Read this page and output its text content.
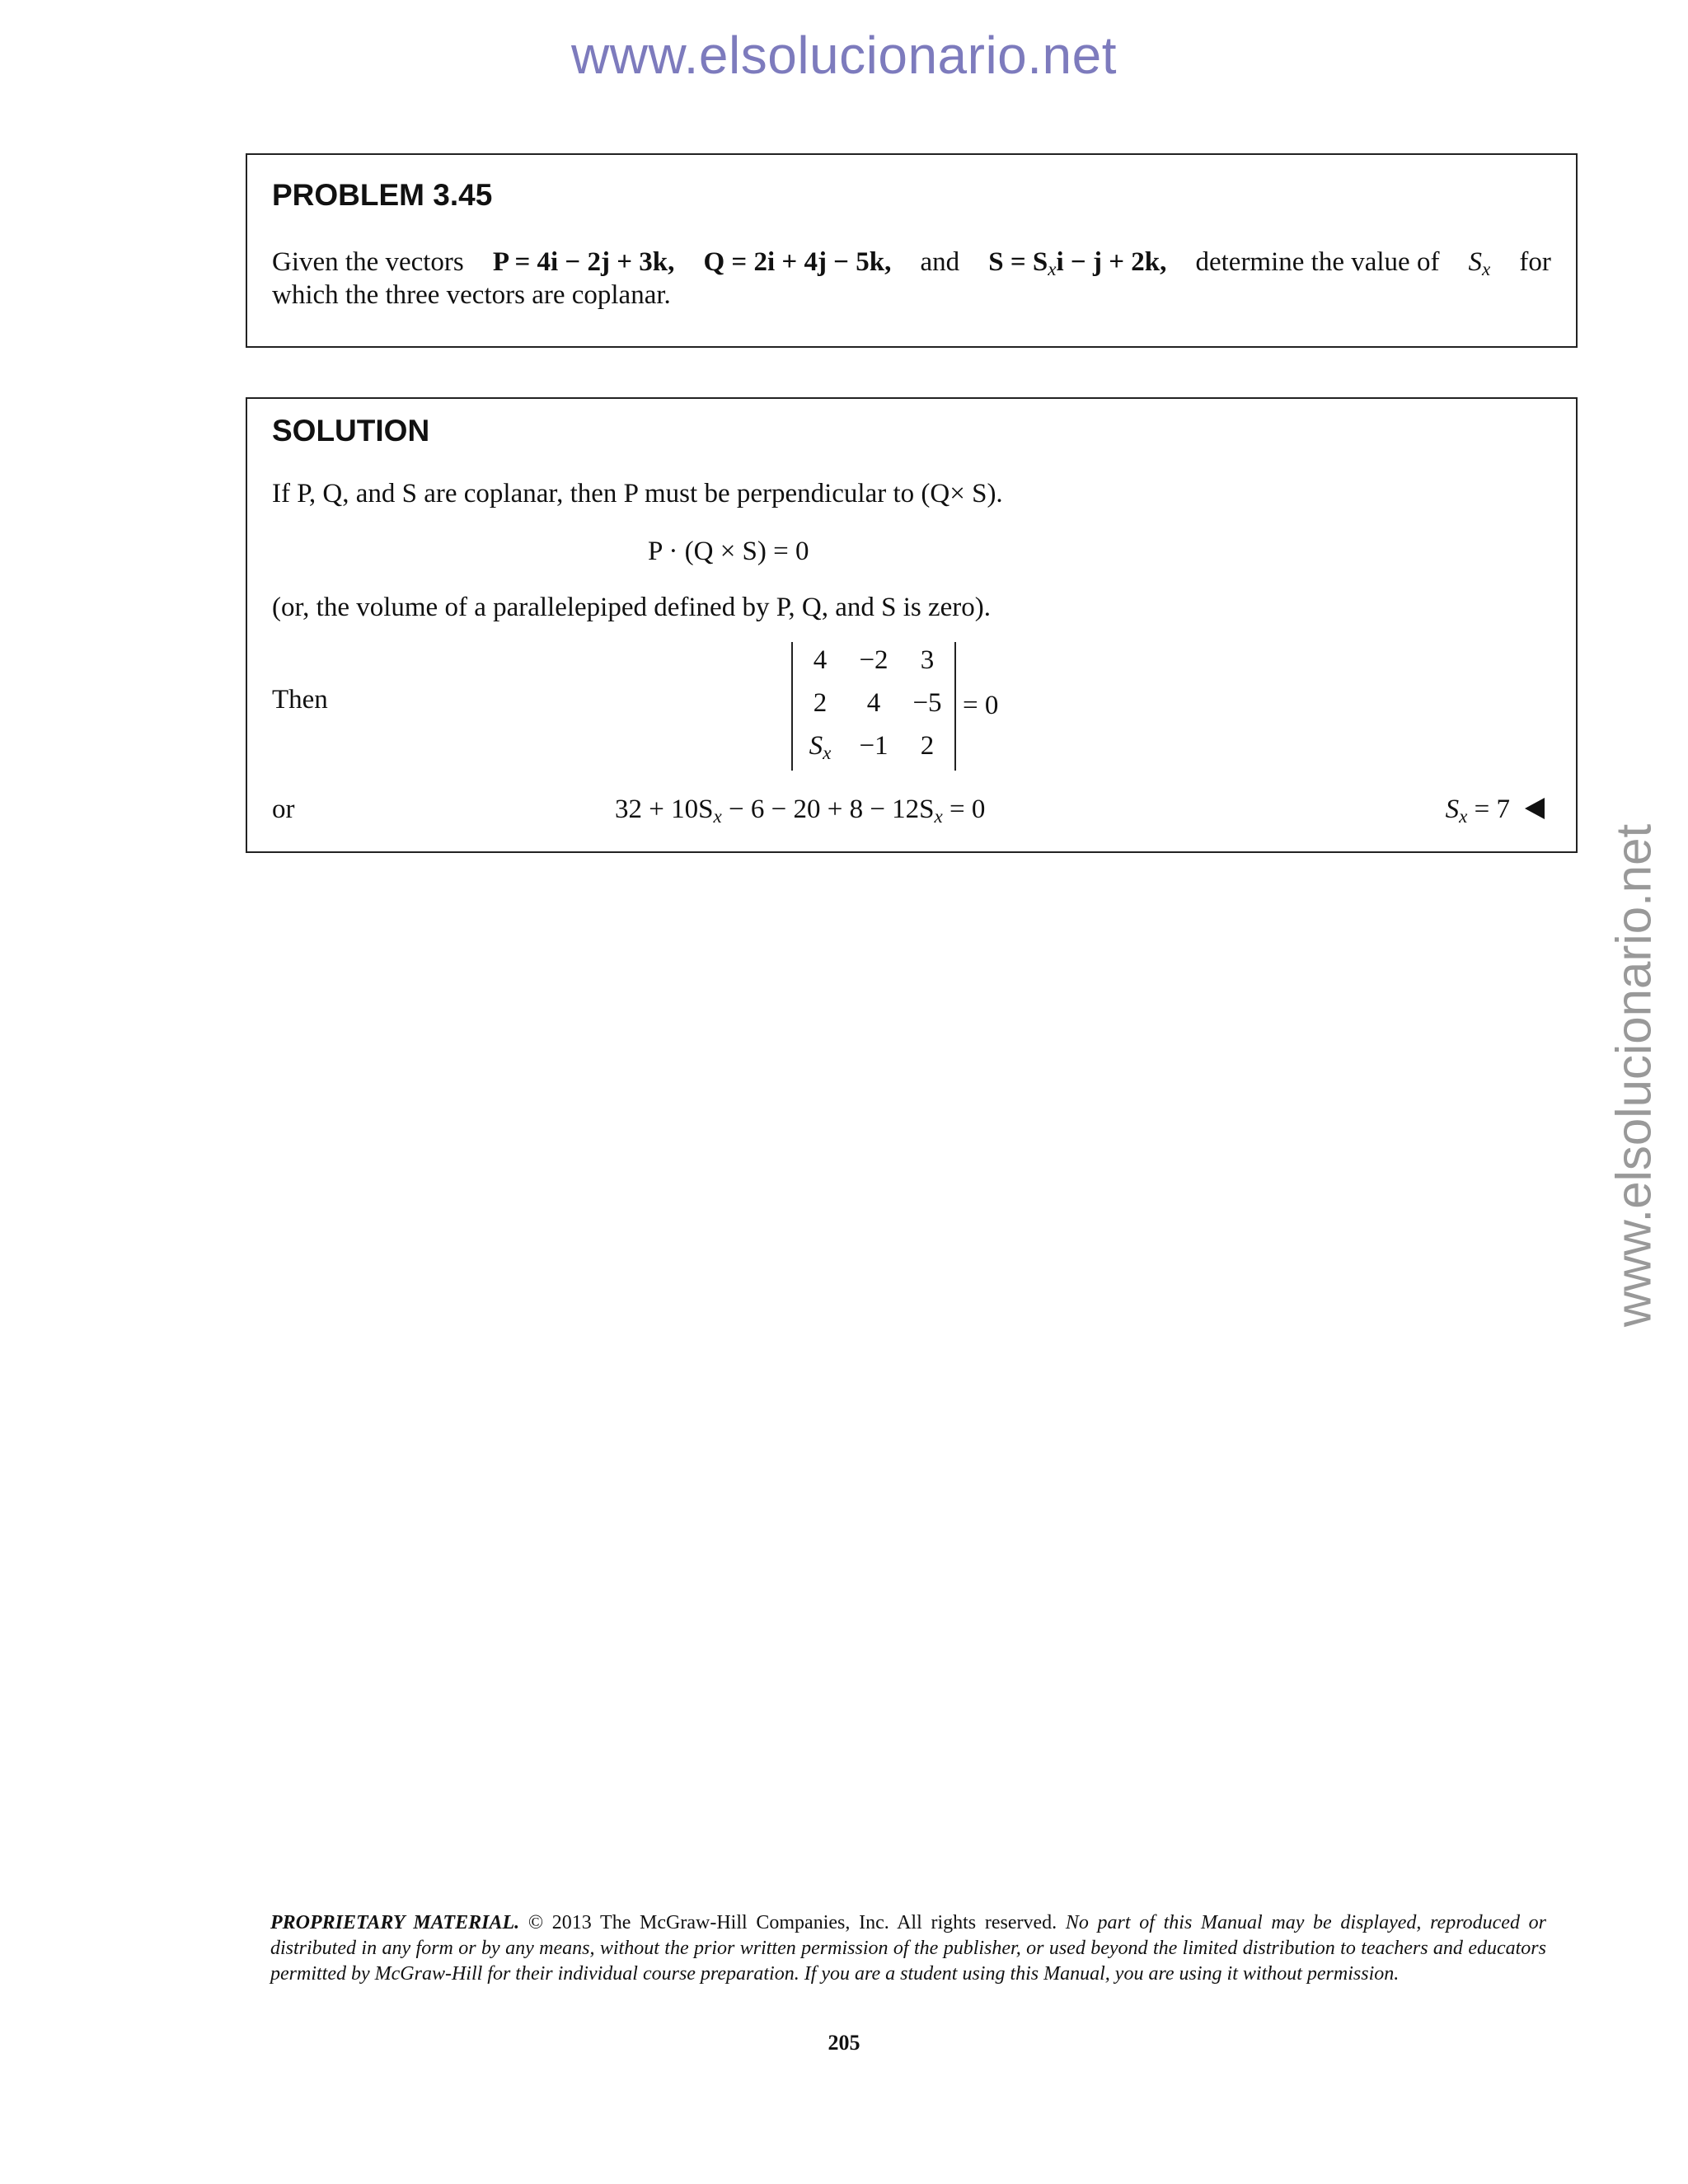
www.elsolucionario.net
www.elsolucionario.net
PROBLEM 3.45
Given the vectors P = 4i − 2j + 3k, Q = 2i + 4j − 5k, and $S = S_xi - j + 2k$, determine the value of $S_x$ for
which the three vectors are coplanar.
SOLUTION
If P, Q, and S are coplanar, then P must be perpendicular to (Q× S).
P · (Q × S) = 0
(or, the volume of a parallelepiped defined by P, Q, and S is zero).
Then
4	−2	3
2	4	−5
$S_x$	−1	2
= 0
or	$32 + 10S_x - 6 - 20 + 8 - 12S_x = 0$	$S_x = 7$
PROPRIETARY MATERIAL. © 2013 The McGraw-Hill Companies, Inc. All rights reserved. No part of this Manual may be displayed, reproduced or distributed in any form or by any means, without the prior written permission of the publisher, or used beyond the limited distribution to teachers and educators permitted by McGraw-Hill for their individual course preparation. If you are a student using this Manual, you are using it without permission.
205
